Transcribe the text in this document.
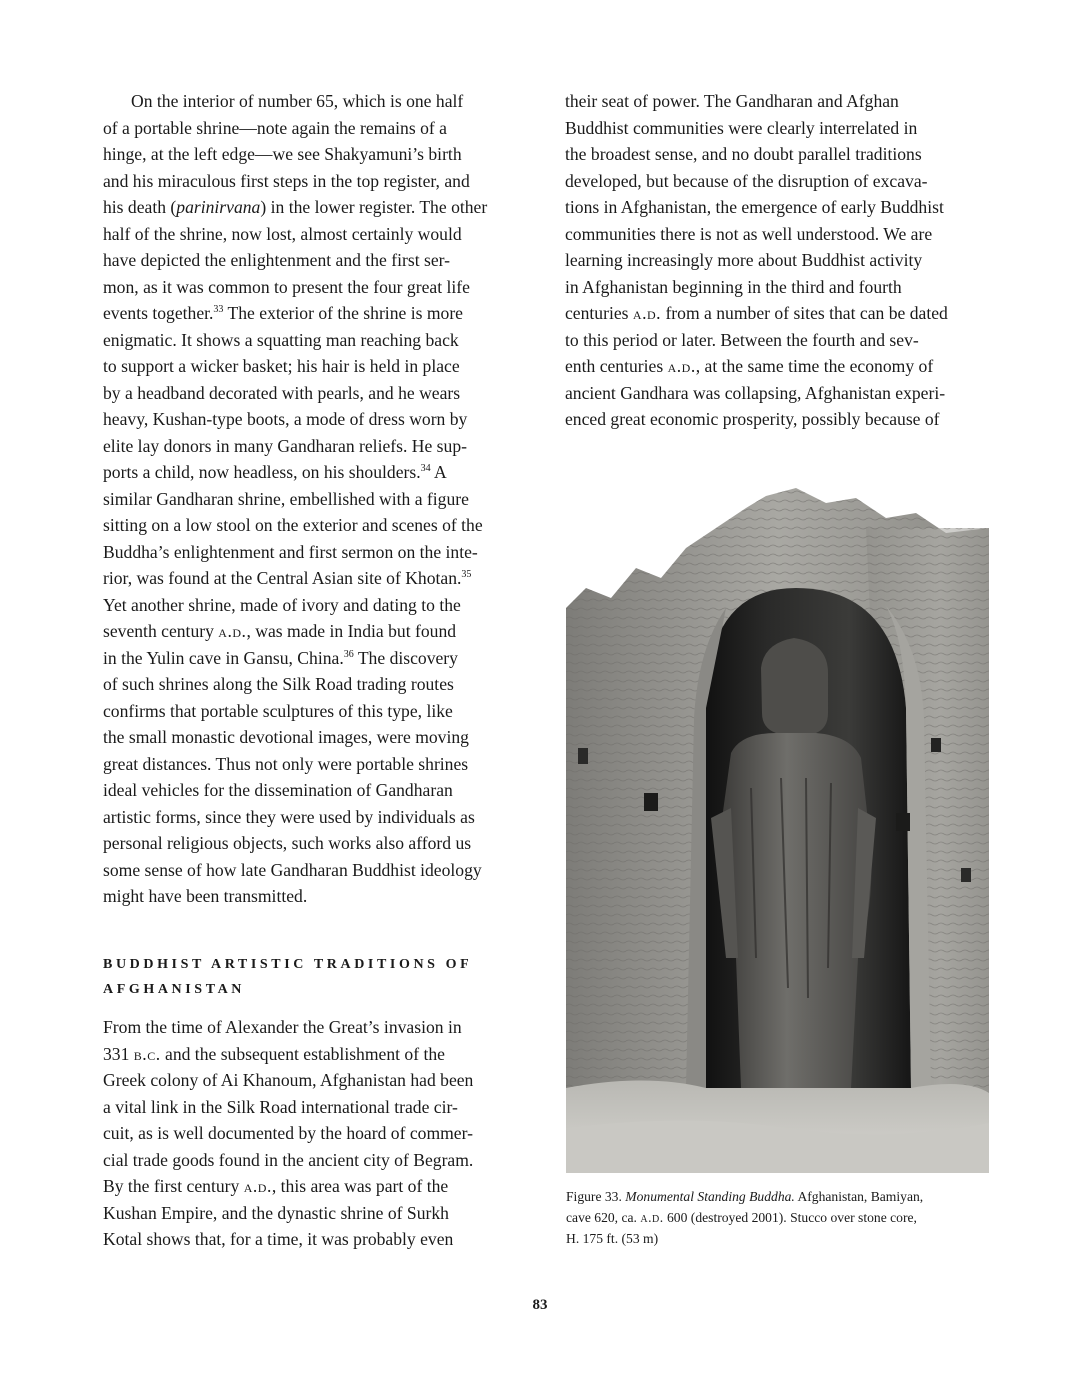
On the interior of number 65, which is one half
of a portable shrine—note again the remains of a
hinge, at the left edge—we see Shakyamuni’s birth
and his miraculous first steps in the top register, and
his death (parinirvana) in the lower register. The other
half of the shrine, now lost, almost certainly would
have depicted the enlightenment and the first ser-
mon, as it was common to present the four great life
events together.$^{33}$ The exterior of the shrine is more
enigmatic. It shows a squatting man reaching back
to support a wicker basket; his hair is held in place
by a headband decorated with pearls, and he wears
heavy, Kushan-type boots, a mode of dress worn by
elite lay donors in many Gandharan reliefs. He sup-
ports a child, now headless, on his shoulders.$^{34}$ A
similar Gandharan shrine, embellished with a figure
sitting on a low stool on the exterior and scenes of the
Buddha’s enlightenment and first sermon on the inte-
rior, was found at the Central Asian site of Khotan.$^{35}$
Yet another shrine, made of ivory and dating to the
seventh century a.d., was made in India but found
in the Yulin cave in Gansu, China.$^{36}$ The discovery
of such shrines along the Silk Road trading routes
confirms that portable sculptures of this type, like
the small monastic devotional images, were moving
great distances. Thus not only were portable shrines
ideal vehicles for the dissemination of Gandharan
artistic forms, since they were used by individuals as
personal religious objects, such works also afford us
some sense of how late Gandharan Buddhist ideology
might have been transmitted.

BUDDHIST ARTISTIC TRADITIONS OF
AFGHANISTAN

From the time of Alexander the Great’s invasion in
331 b.c. and the subsequent establishment of the
Greek colony of Ai Khanoum, Afghanistan had been
a vital link in the Silk Road international trade cir-
cuit, as is well documented by the hoard of commer-
cial trade goods found in the ancient city of Begram.
By the first century a.d., this area was part of the
Kushan Empire, and the dynastic shrine of Surkh
Kotal shows that, for a time, it was probably even

their seat of power. The Gandharan and Afghan
Buddhist communities were clearly interrelated in
the broadest sense, and no doubt parallel traditions
developed, but because of the disruption of excava-
tions in Afghanistan, the emergence of early Buddhist
communities there is not as well understood. We are
learning increasingly more about Buddhist activity
in Afghanistan beginning in the third and fourth
centuries a.d. from a number of sites that can be dated
to this period or later. Between the fourth and sev-
enth centuries a.d., at the same time the economy of
ancient Gandhara was collapsing, Afghanistan experi-
enced great economic prosperity, possibly because of

Figure 33. Monumental Standing Buddha. Afghanistan, Bamiyan,
cave 620, ca. a.d. 600 (destroyed 2001). Stucco over stone core,
H. 175 ft. (53 m)
83
